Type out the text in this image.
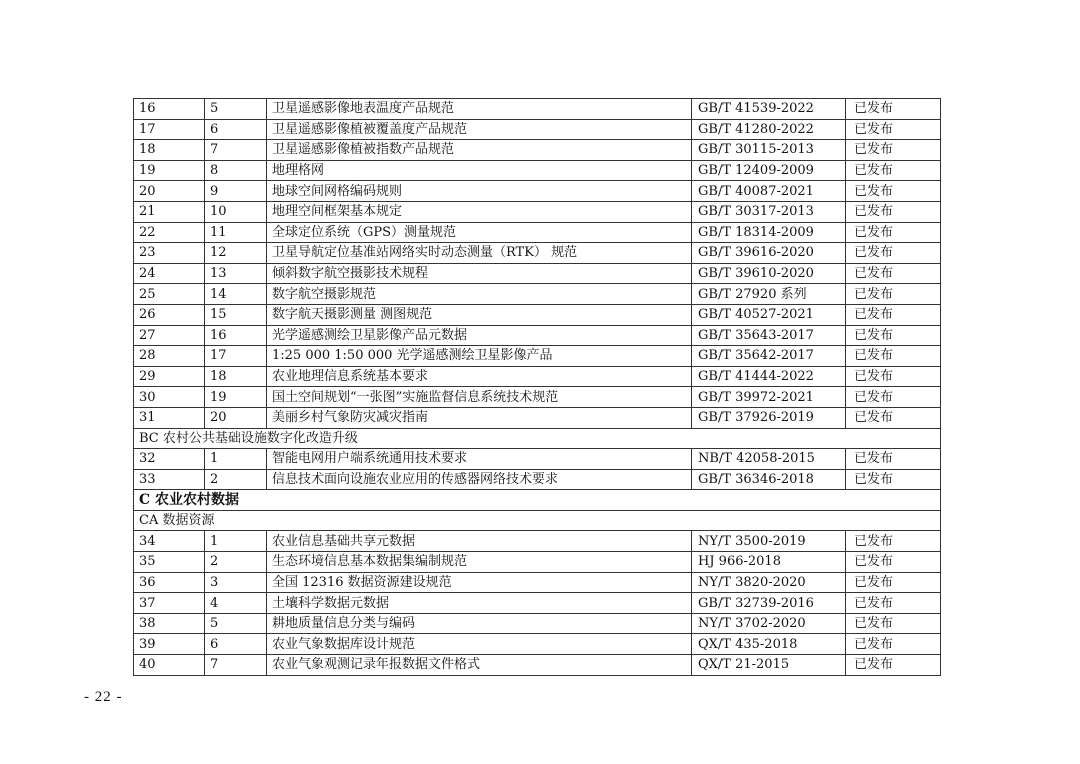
16	5	卫星遥感影像地表温度产品规范	GB/T 41539-2022	已发布
17	6	卫星遥感影像植被覆盖度产品规范	GB/T 41280-2022	已发布
18	7	卫星遥感影像植被指数产品规范	GB/T 30115-2013	已发布
19	8	地理格网	GB/T 12409-2009	已发布
20	9	地球空间网格编码规则	GB/T 40087-2021	已发布
21	10	地理空间框架基本规定	GB/T 30317-2013	已发布
22	11	全球定位系统（GPS）测量规范	GB/T 18314-2009	已发布
23	12	卫星导航定位基准站网络实时动态测量（RTK） 规范	GB/T 39616-2020	已发布
24	13	倾斜数字航空摄影技术规程	GB/T 39610-2020	已发布
25	14	数字航空摄影规范	GB/T 27920 系列	已发布
26	15	数字航天摄影测量 测图规范	GB/T 40527-2021	已发布
27	16	光学遥感测绘卫星影像产品元数据	GB/T 35643-2017	已发布
28	17	1:25 000 1:50 000 光学遥感测绘卫星影像产品	GB/T 35642-2017	已发布
29	18	农业地理信息系统基本要求	GB/T 41444-2022	已发布
30	19	国土空间规划“一张图”实施监督信息系统技术规范	GB/T 39972-2021	已发布
31	20	美丽乡村气象防灾减灾指南	GB/T 37926-2019	已发布
BC 农村公共基础设施数字化改造升级				
32	1	智能电网用户端系统通用技术要求	NB/T 42058-2015	已发布
33	2	信息技术面向设施农业应用的传感器网络技术要求	GB/T 36346-2018	已发布
C 农业农村数据				
CA 数据资源				
34	1	农业信息基础共享元数据	NY/T 3500-2019	已发布
35	2	生态环境信息基本数据集编制规范	HJ 966-2018	已发布
36	3	全国 12316 数据资源建设规范	NY/T 3820-2020	已发布
37	4	土壤科学数据元数据	GB/T 32739-2016	已发布
38	5	耕地质量信息分类与编码	NY/T 3702-2020	已发布
39	6	农业气象数据库设计规范	QX/T 435-2018	已发布
40	7	农业气象观测记录年报数据文件格式	QX/T 21-2015	已发布
- 22 -
